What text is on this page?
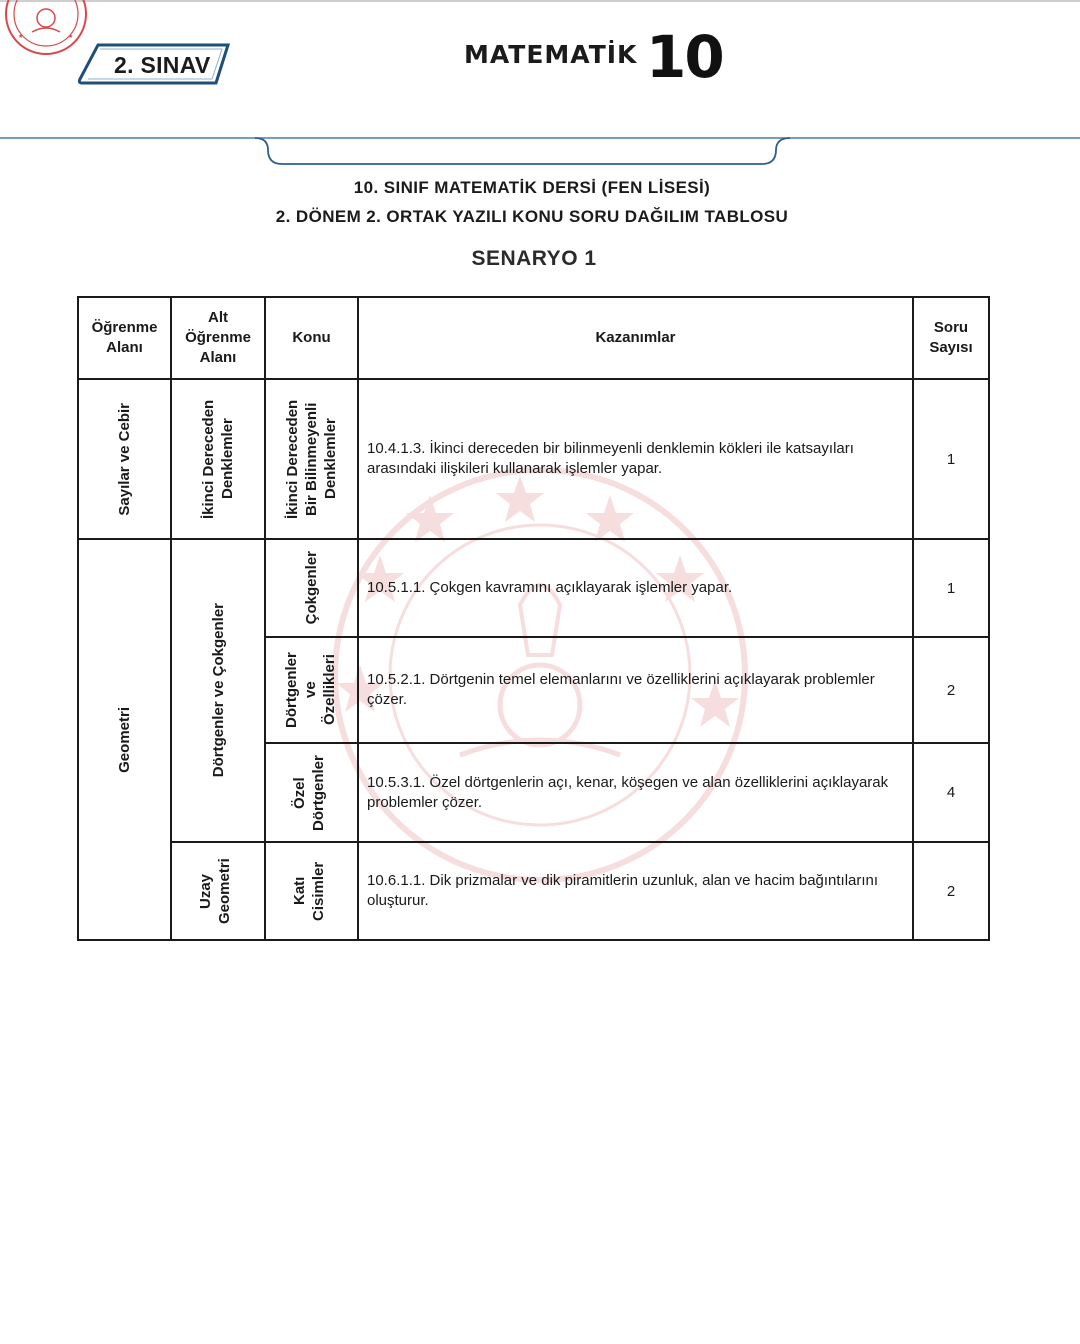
★	★
2. SINAV	MATEMATİK 10
10. SINIF MATEMATİK DERSİ (FEN LİSESİ)
2. DÖNEM 2. ORTAK YAZILI KONU SORU DAĞILIM TABLOSU
SENARYO 1
Öğrenme Alanı	Alt Öğrenme Alanı	Konu	Kazanımlar	Soru Sayısı

Sayılar ve Cebir	İkinci Dereceden Denklemler	İkinci Dereceden Bir Bilinmeyenli Denklemler	10.4.1.3. İkinci dereceden bir bilinmeyenli denklemin kökleri ile katsayıları arasındaki ilişkileri kullanarak işlemler yapar.	1

Geometri	Dörtgenler ve Çokgenler	Çokgenler	10.5.1.1. Çokgen kavramını açıklayarak işlemler yapar.	1

		Dörtgenler ve Özellikleri	10.5.2.1. Dörtgenin temel elemanlarını ve özelliklerini açıklayarak problemler çözer.	2

		Özel Dörtgenler	10.5.3.1. Özel dörtgenlerin açı, kenar, köşegen ve alan özelliklerini açıklayarak problemler çözer.	4

	Uzay Geometri	Katı Cisimler	10.6.1.1. Dik prizmalar ve dik piramitlerin uzunluk, alan ve hacim bağıntılarını oluşturur.	2
